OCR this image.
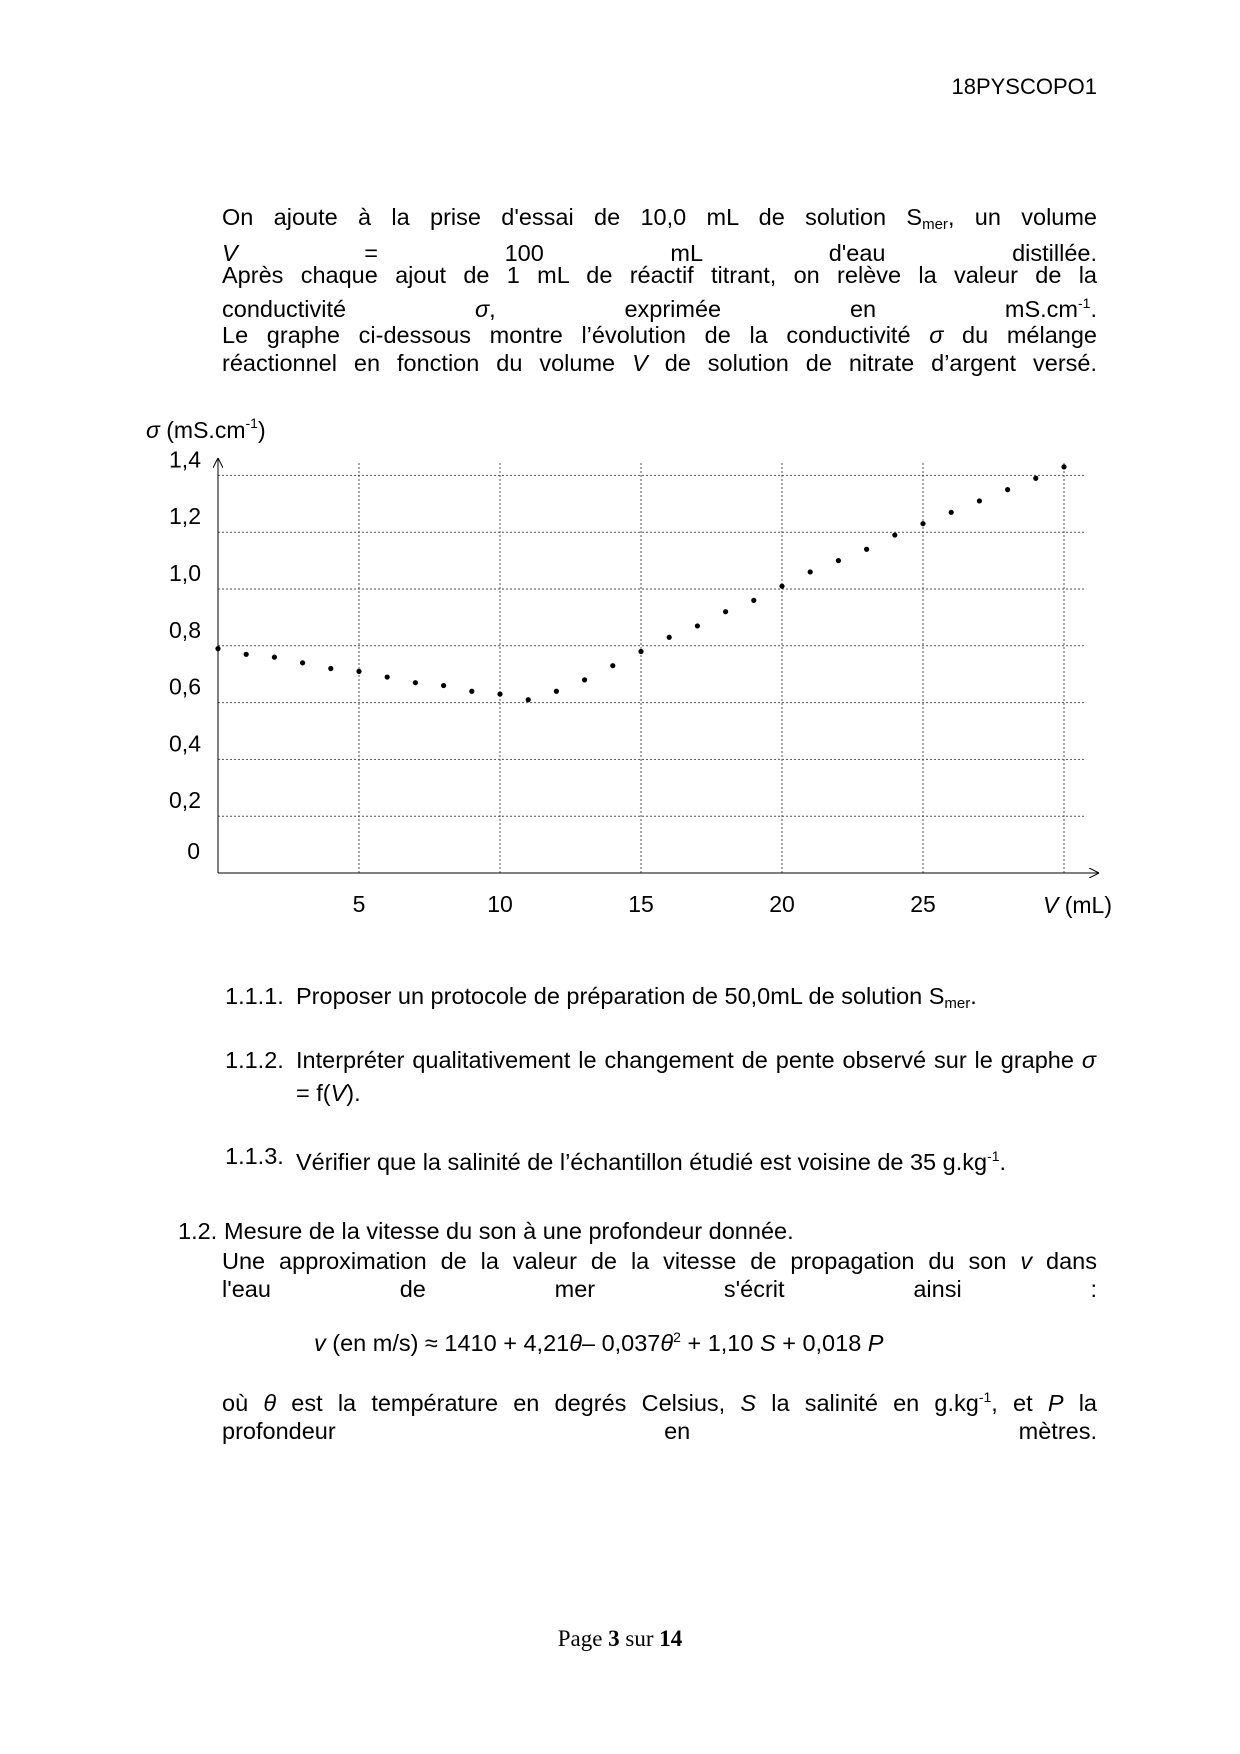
18PYSCOPO1
On ajoute à la prise d'essai de 10,0 mL de solution $S_{mer}$, un volume
V = 100 mL d'eau distillée.
Après chaque ajout de 1 mL de réactif titrant, on relève la valeur de la
conductivité σ, exprimée en $mS.cm^{-1}$.
Le graphe ci-dessous montre l’évolution de la conductivité σ du mélange
réactionnel en fonction du volume V de solution de nitrate d’argent versé.
σ $(mS.cm^{-1})$
0
0,2
0,4
0,6
0,8
1,0
1,2
1,4
5	10	15	20	25	V (mL)
1.1.1. Proposer un protocole de préparation de 50,0mL de solution $S_{mer}$.
1.1.2. Interpréter qualitativement le changement de pente observé sur le graphe σ = f(V).
1.1.3. Vérifier que la salinité de l’échantillon étudié est voisine de 35 $g.kg^{-1}$.
1.2. Mesure de la vitesse du son à une profondeur donnée.
Une approximation de la valeur de la vitesse de propagation du son v dans
l'eau de mer s'écrit ainsi :
v (en m/s) ≈ 1410 + 4,21θ– $0,037\theta^2 + 1,10$ S + 0,018 P
où θ est la température en degrés Celsius, S la salinité en $g.kg^{-1}$, et P la
profondeur en mètres.
Page 3 sur 14
